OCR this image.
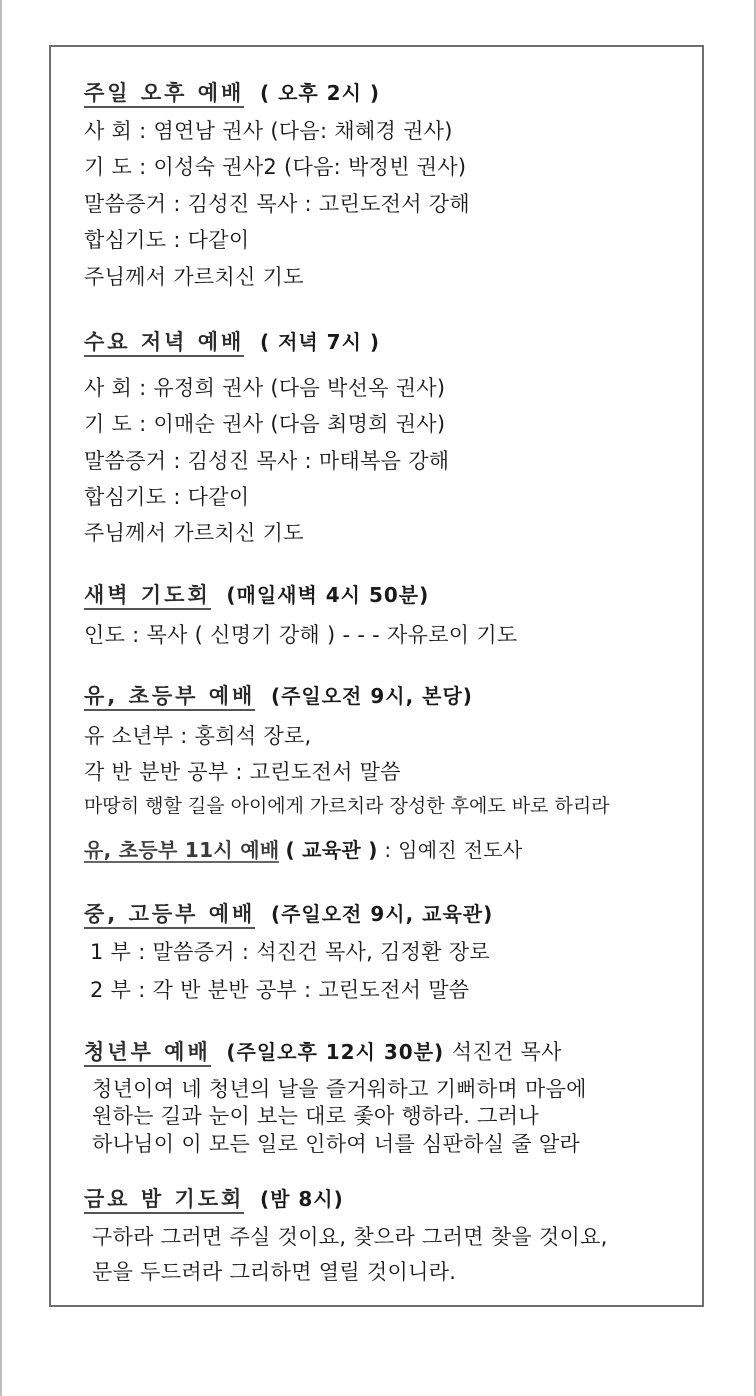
주일 오후 예배 ( 오후 2시 )
사 회 : 염연남 권사 (다음: 채혜경 권사)
기 도 : 이성숙 권사2 (다음: 박정빈 권사)
말씀증거 : 김성진 목사 : 고린도전서 강해
합심기도 : 다같이
주님께서 가르치신 기도
수요 저녁 예배 ( 저녁 7시 )
사 회 : 유정희 권사 (다음 박선옥 권사)
기 도 : 이매순 권사 (다음 최명희 권사)
말씀증거 : 김성진 목사 : 마태복음 강해
합심기도 : 다같이
주님께서 가르치신 기도
새벽 기도회 (매일새벽 4시 50분)
인도 : 목사 ( 신명기 강해 ) - - - 자유로이 기도
유, 초등부 예배 (주일오전 9시, 본당)
유 소년부 : 홍희석 장로,
각 반 분반 공부 : 고린도전서 말씀
마땅히 행할 길을 아이에게 가르치라 장성한 후에도 바로 하리라
유, 초등부 11시 예배 ( 교육관 ) : 임예진 전도사
중, 고등부 예배 (주일오전 9시, 교육관)
1 부 : 말씀증거 : 석진건 목사, 김정환 장로
2 부 : 각 반 분반 공부 : 고린도전서 말씀
청년부 예배 (주일오후 12시 30분) 석진건 목사
청년이여 네 청년의 날을 즐거워하고 기뻐하며 마음에
원하는 길과 눈이 보는 대로 좇아 행하라. 그러나
하나님이 이 모든 일로 인하여 너를 심판하실 줄 알라
금요 밤 기도회 (밤 8시)
구하라 그러면 주실 것이요, 찾으라 그러면 찾을 것이요,
문을 두드려라 그리하면 열릴 것이니라.
